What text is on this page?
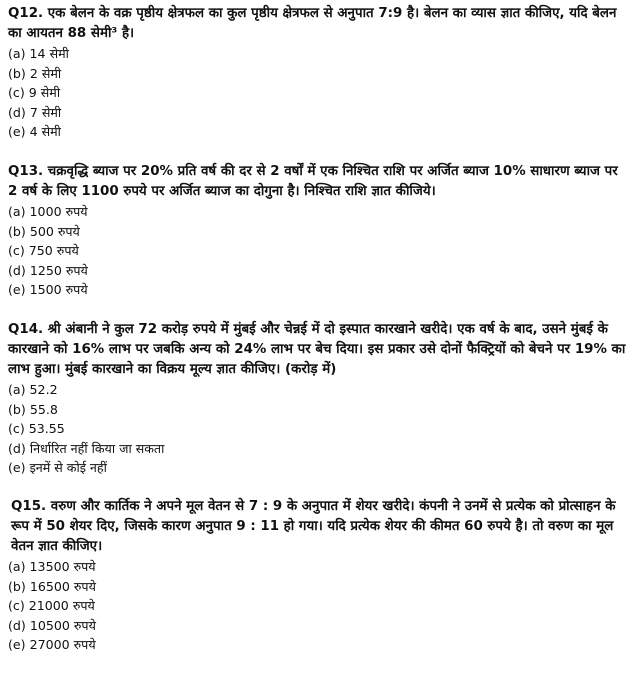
Q12. एक बेलन के वक्र पृष्ठीय क्षेत्रफल का कुल पृष्ठीय क्षेत्रफल से अनुपात 7:9 है। बेलन का व्यास ज्ञात कीजिए, यदि बेलन का आयतन 88 सेमी³ है।

(a) 14 सेमी
(b) 2 सेमी
(c) 9 सेमी
(d) 7 सेमी
(e) 4 सेमी

Q13. चक्रवृद्धि ब्याज पर 20% प्रति वर्ष की दर से 2 वर्षों में एक निश्चित राशि पर अर्जित ब्याज 10% साधारण ब्याज पर 2 वर्ष के लिए 1100 रुपये पर अर्जित ब्याज का दोगुना है। निश्चित राशि ज्ञात कीजिये।

(a) 1000 रुपये
(b) 500 रुपये
(c) 750 रुपये
(d) 1250 रुपये
(e) 1500 रुपये

Q14. श्री अंबानी ने कुल 72 करोड़ रुपये में मुंबई और चेन्नई में दो इस्पात कारखाने खरीदे। एक वर्ष के बाद, उसने मुंबई के कारखाने को 16% लाभ पर जबकि अन्य को 24% लाभ पर बेच दिया। इस प्रकार उसे दोनों फैक्ट्रियों को बेचने पर 19% का लाभ हुआ। मुंबई कारखाने का विक्रय मूल्य ज्ञात कीजिए। (करोड़ में)

(a) 52.2
(b) 55.8
(c) 53.55
(d) निर्धारित नहीं किया जा सकता
(e) इनमें से कोई नहीं

Q15. वरुण और कार्तिक ने अपने मूल वेतन से 7 : 9 के अनुपात में शेयर खरीदे। कंपनी ने उनमें से प्रत्येक को प्रोत्साहन के रूप में 50 शेयर दिए, जिसके कारण अनुपात 9 : 11 हो गया। यदि प्रत्येक शेयर की कीमत 60 रुपये है। तो वरुण का मूल वेतन ज्ञात कीजिए।

(a) 13500 रुपये
(b) 16500 रुपये
(c) 21000 रुपये
(d) 10500 रुपये
(e) 27000 रुपये
